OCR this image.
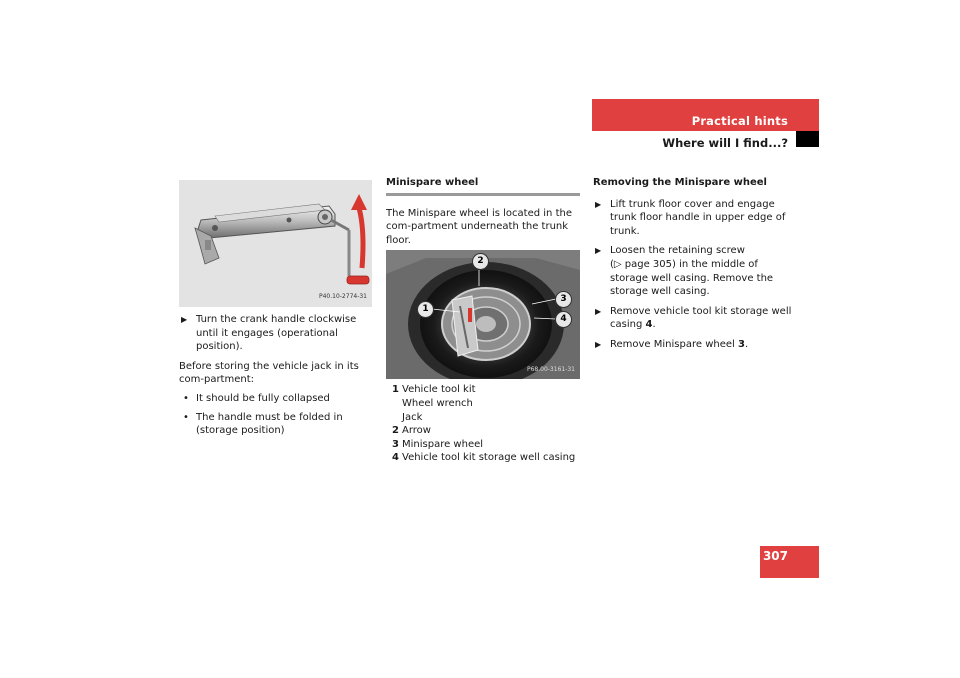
Practical hints
Where will I find...?
P40.10-2774-31
▶ Turn the crank handle clockwise until it engages (operational position).

Before storing the vehicle jack in its com-partment:

• It should be fully collapsed

• The handle must be folded in (storage position)

Minispare wheel

The Minispare wheel is located in the com-partment underneath the trunk floor.

1
2
3
4
P68.00-3161-31
1 Vehicle tool kit
Wheel wrench
Jack
2 Arrow
3 Minispare wheel
4 Vehicle tool kit storage well casing
Removing the Minispare wheel
▶ Lift trunk floor cover and engage trunk floor handle in upper edge of trunk.

▶ Loosen the retaining screw
(▷ page 305) in the middle of storage well casing. Remove the storage well casing.

▶ Remove vehicle tool kit storage well casing 4.

▶ Remove Minispare wheel 3.

307
